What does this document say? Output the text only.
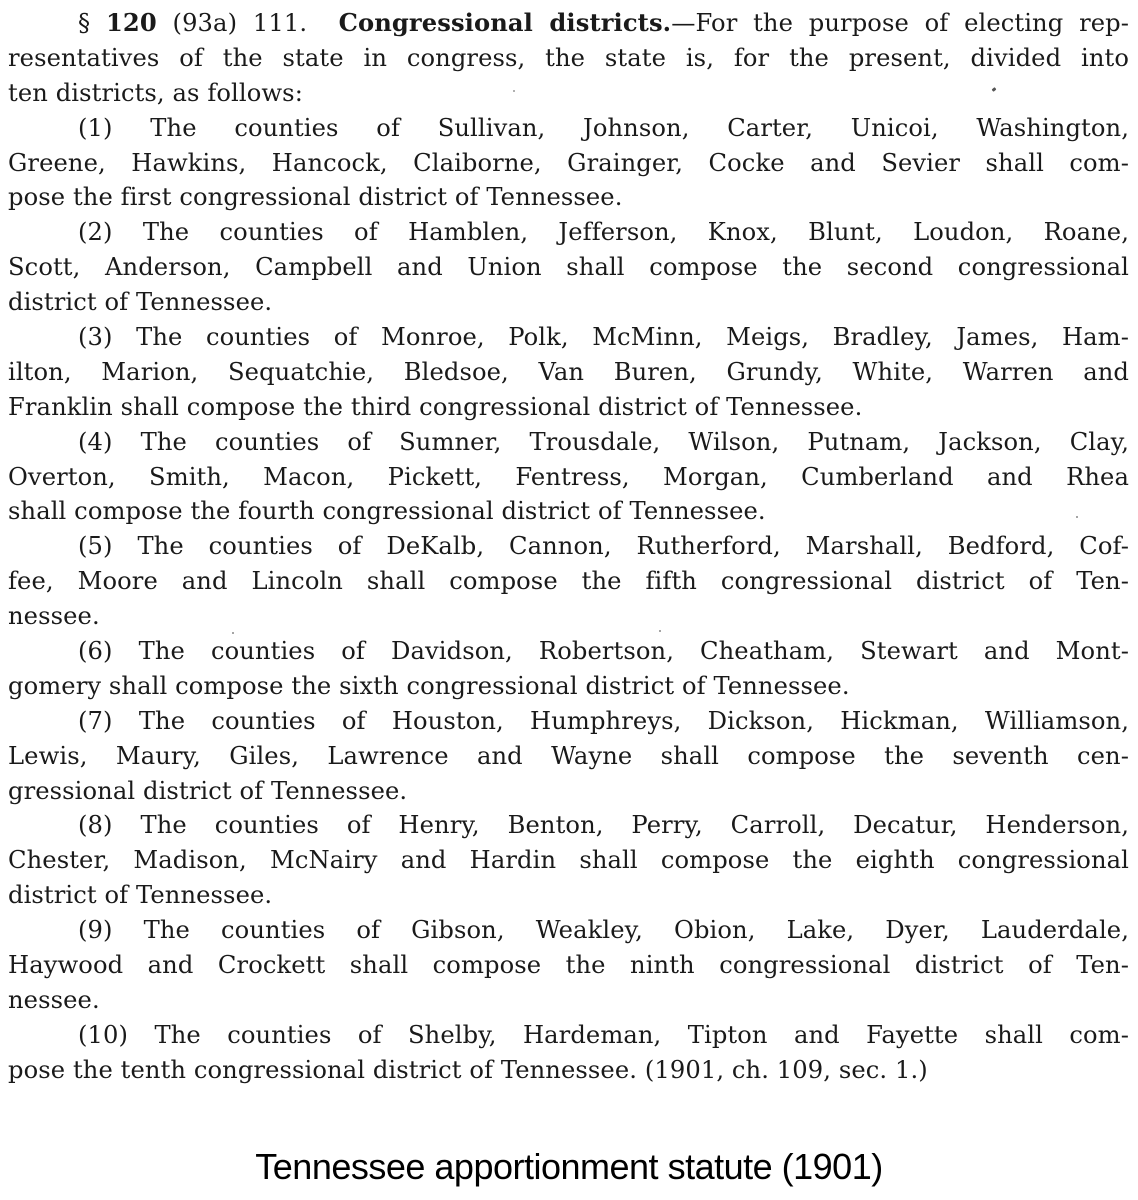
§ 120 (93a) 111. Congressional districts.—For the purpose of electing rep-
resentatives of the state in congress, the state is, for the present, divided into
ten districts, as follows:
(1) The counties of Sullivan, Johnson, Carter, Unicoi, Washington,
Greene, Hawkins, Hancock, Claiborne, Grainger, Cocke and Sevier shall com-
pose the first congressional district of Tennessee.
(2) The counties of Hamblen, Jefferson, Knox, Blunt, Loudon, Roane,
Scott, Anderson, Campbell and Union shall compose the second congressional
district of Tennessee.
(3) The counties of Monroe, Polk, McMinn, Meigs, Bradley, James, Ham-
ilton, Marion, Sequatchie, Bledsoe, Van Buren, Grundy, White, Warren and
Franklin shall compose the third congressional district of Tennessee.
(4) The counties of Sumner, Trousdale, Wilson, Putnam, Jackson, Clay,
Overton, Smith, Macon, Pickett, Fentress, Morgan, Cumberland and Rhea
shall compose the fourth congressional district of Tennessee.
(5) The counties of DeKalb, Cannon, Rutherford, Marshall, Bedford, Cof-
fee, Moore and Lincoln shall compose the fifth congressional district of Ten-
nessee.
(6) The counties of Davidson, Robertson, Cheatham, Stewart and Mont-
gomery shall compose the sixth congressional district of Tennessee.
(7) The counties of Houston, Humphreys, Dickson, Hickman, Williamson,
Lewis, Maury, Giles, Lawrence and Wayne shall compose the seventh cen-
gressional district of Tennessee.
(8) The counties of Henry, Benton, Perry, Carroll, Decatur, Henderson,
Chester, Madison, McNairy and Hardin shall compose the eighth congressional
district of Tennessee.
(9) The counties of Gibson, Weakley, Obion, Lake, Dyer, Lauderdale,
Haywood and Crockett shall compose the ninth congressional district of Ten-
nessee.
(10) The counties of Shelby, Hardeman, Tipton and Fayette shall com-
pose the tenth congressional district of Tennessee. (1901, ch. 109, sec. 1.)
Tennessee apportionment statute (1901)
